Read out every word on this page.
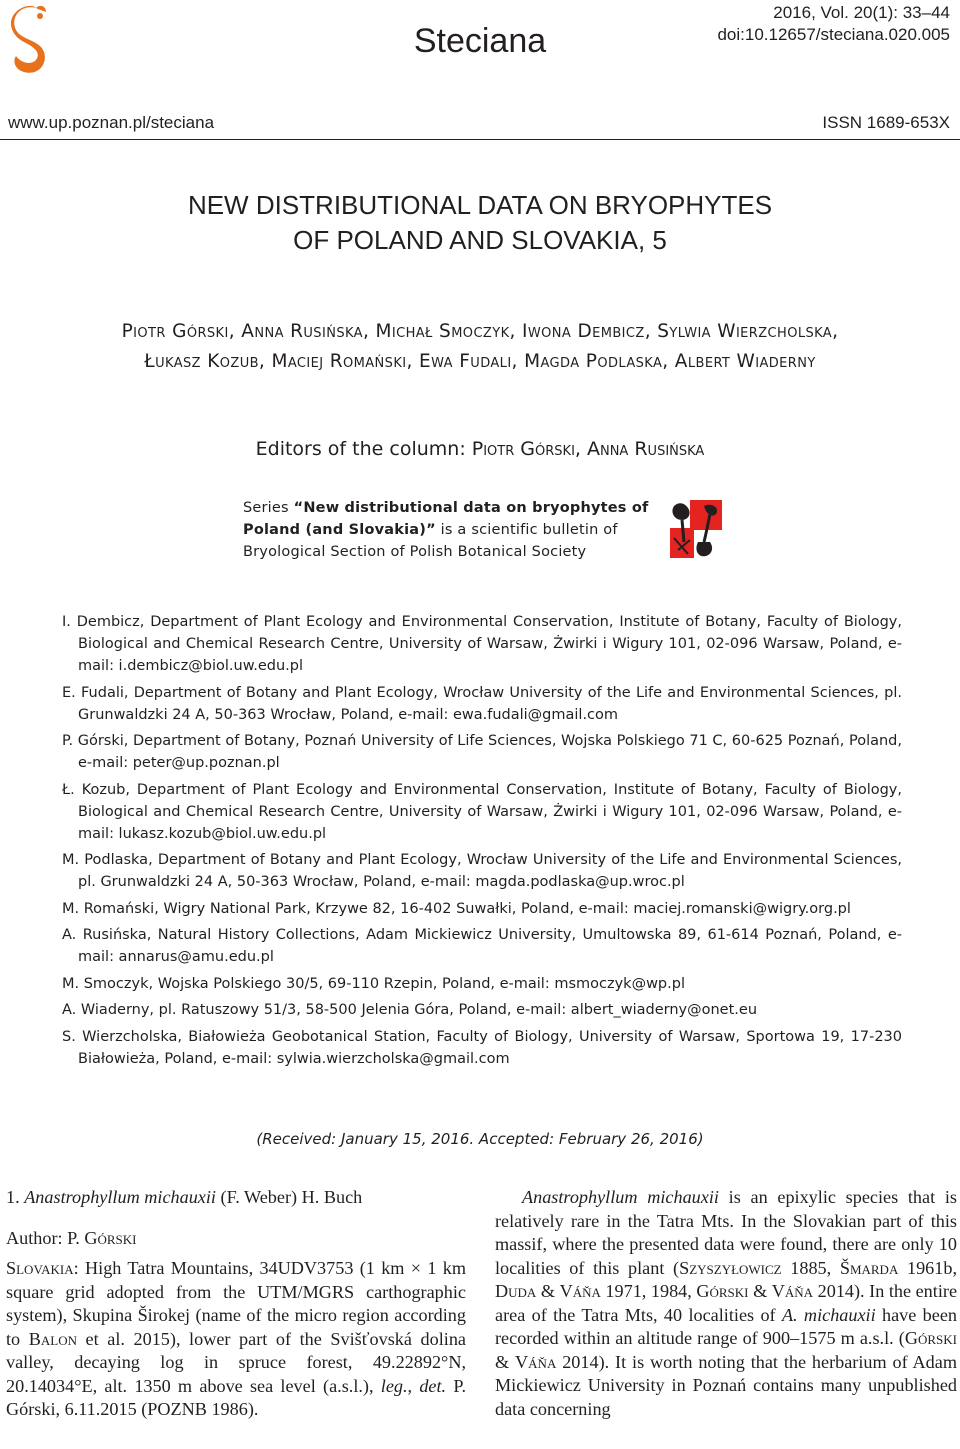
Steciana
2016, Vol. 20(1): 33–44
doi:10.12657/steciana.020.005
www.up.poznan.pl/steciana	ISSN 1689-653X
NEW DISTRIBUTIONAL DATA ON BRYOPHYTES
OF POLAND AND SLOVAKIA, 5
Piotr Górski, Anna Rusińska, Michał Smoczyk, Iwona Dembicz, Sylwia Wierzcholska,
Łukasz Kozub, Maciej Romański, Ewa Fudali, Magda Podlaska, Albert Wiaderny
Editors of the column: Piotr Górski, Anna Rusińska
Series “New distributional data on bryophytes of Poland (and Slovakia)” is a scientific bulletin of Bryological Section of Polish Botanical Society

I. Dembicz, Department of Plant Ecology and Environmental Conservation, Institute of Botany, Faculty of Biology, Biological and Chemical Research Centre, University of Warsaw, Żwirki i Wigury 101, 02-096 Warsaw, Poland, e-mail: i.dembicz@biol.uw.edu.pl

E. Fudali, Department of Botany and Plant Ecology, Wrocław University of the Life and Environmental Sciences, pl. Grunwaldzki 24 A, 50-363 Wrocław, Poland, e-mail: ewa.fudali@gmail.com

P. Górski, Department of Botany, Poznań University of Life Sciences, Wojska Polskiego 71 C, 60-625 Poznań, Poland, e-mail: peter@up.poznan.pl

Ł. Kozub, Department of Plant Ecology and Environmental Conservation, Institute of Botany, Faculty of Biology, Biological and Chemical Research Centre, University of Warsaw, Żwirki i Wigury 101, 02-096 Warsaw, Poland, e-mail: lukasz.kozub@biol.uw.edu.pl

M. Podlaska, Department of Botany and Plant Ecology, Wrocław University of the Life and Environmental Sciences, pl. Grunwaldzki 24 A, 50-363 Wrocław, Poland, e-mail: magda.podlaska@up.wroc.pl

M. Romański, Wigry National Park, Krzywe 82, 16-402 Suwałki, Poland, e-mail: maciej.romanski@wigry.org.pl

A. Rusińska, Natural History Collections, Adam Mickiewicz University, Umultowska 89, 61-614 Poznań, Poland, e-mail: annarus@amu.edu.pl

M. Smoczyk, Wojska Polskiego 30/5, 69-110 Rzepin, Poland, e-mail: msmoczyk@wp.pl

A. Wiaderny, pl. Ratuszowy 51/3, 58-500 Jelenia Góra, Poland, e-mail: albert_wiaderny@onet.eu

S. Wierzcholska, Białowieża Geobotanical Station, Faculty of Biology, University of Warsaw, Sportowa 19, 17-230 Białowieża, Poland, e-mail: sylwia.wierzcholska@gmail.com

(Received: January 15, 2016. Accepted: February 26, 2016)
1. Anastrophyllum michauxii (F. Weber) H. Buch
Author: P. Górski

Slovakia: High Tatra Mountains, 34UDV3753 (1 km × 1 km square grid adopted from the UTM/MGRS carthographic system), Skupina Širokej (name of the micro region according to Balon et al. 2015), lower part of the Svišťovská dolina valley, decaying log in spruce forest, 49.22892°N, 20.14034°E, alt. 1350 m above sea level (a.s.l.), leg., det. P. Górski, 6.11.2015 (POZNB 1986).

Anastrophyllum michauxii is an epixylic species that is relatively rare in the Tatra Mts. In the Slovakian part of this massif, where the presented data were found, there are only 10 localities of this plant (Szyszyłowicz 1885, Šmarda 1961b, Duda & Váňa 1971, 1984, Górski & Váňa 2014). In the entire area of the Tatra Mts, 40 localities of A. michauxii have been recorded within an altitude range of 900–1575 m a.s.l. (Górski & Váňa 2014). It is worth noting that the herbarium of Adam Mickiewicz University in Poznań contains many unpublished data concerning
